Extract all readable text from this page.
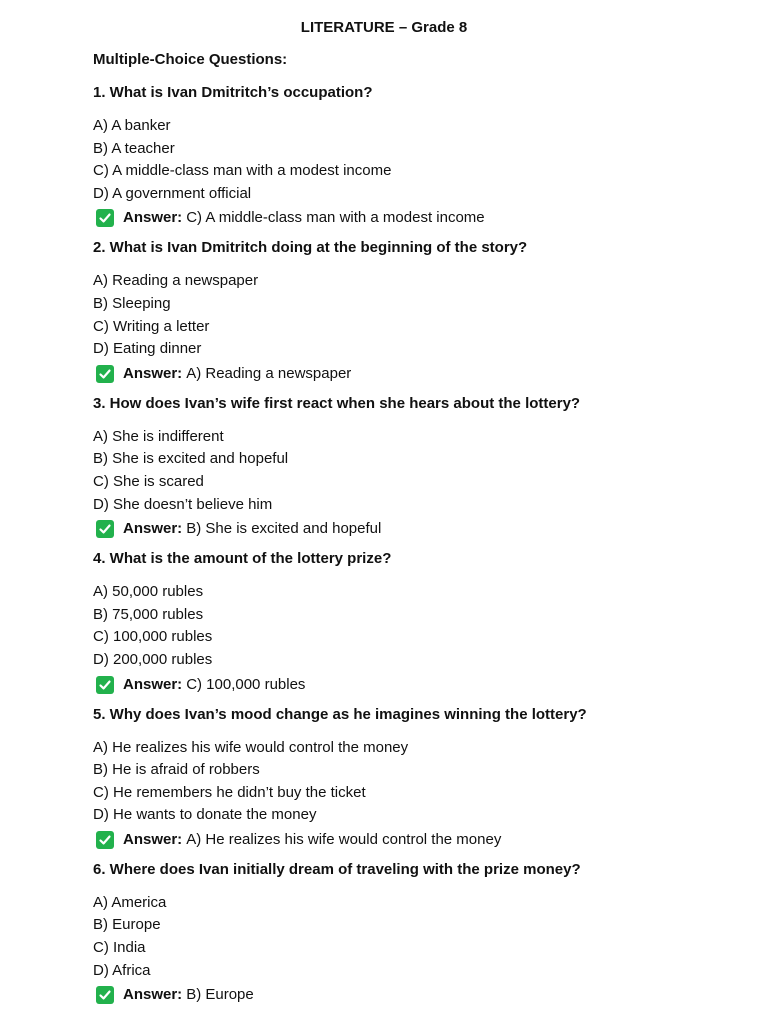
LITERATURE – Grade 8
Multiple-Choice Questions:
1. What is Ivan Dmitritch’s occupation?
A) A banker
B) A teacher
C) A middle-class man with a modest income
D) A government official
Answer: C) A middle-class man with a modest income
2. What is Ivan Dmitritch doing at the beginning of the story?
A) Reading a newspaper
B) Sleeping
C) Writing a letter
D) Eating dinner
Answer: A) Reading a newspaper
3. How does Ivan’s wife first react when she hears about the lottery?
A) She is indifferent
B) She is excited and hopeful
C) She is scared
D) She doesn’t believe him
Answer: B) She is excited and hopeful
4. What is the amount of the lottery prize?
A) 50,000 rubles
B) 75,000 rubles
C) 100,000 rubles
D) 200,000 rubles
Answer: C) 100,000 rubles
5. Why does Ivan’s mood change as he imagines winning the lottery?
A) He realizes his wife would control the money
B) He is afraid of robbers
C) He remembers he didn’t buy the ticket
D) He wants to donate the money
Answer: A) He realizes his wife would control the money
6. Where does Ivan initially dream of traveling with the prize money?
A) America
B) Europe
C) India
D) Africa
Answer: B) Europe
